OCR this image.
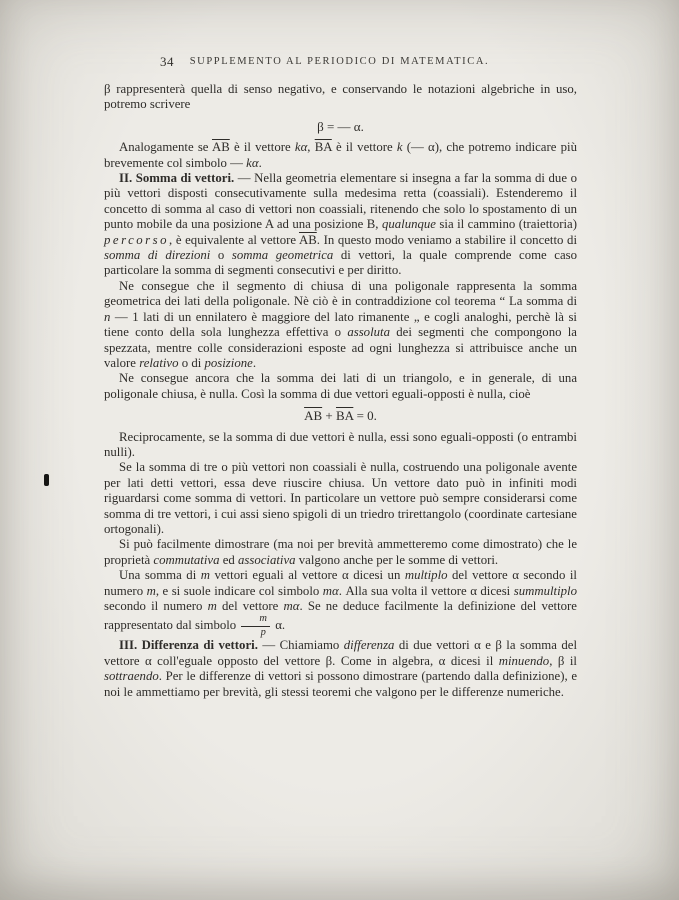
34 SUPPLEMENTO AL PERIODICO DI MATEMATICA.

β rappresenterà quella di senso negativo, e conservando le notazioni algebriche in uso, potremo scrivere

β = — α.

Analogamente se $\overline{AB}$ è il vettore kα, $\overline{BA}$ è il vettore k (— α), che potremo indicare più brevemente col simbolo — kα.

II. Somma di vettori. — Nella geometria elementare si insegna a far la somma di due o più vettori disposti consecutivamente sulla medesima retta (coassiali). Estenderemo il concetto di somma al caso di vettori non coassiali, ritenendo che solo lo spostamento di un punto mobile da una posizione A ad una posizione B, qualunque sia il cammino (traiettoria) percorso, è equivalente al vettore $\overline{AB}$. In questo modo veniamo a stabilire il concetto di somma di direzioni o somma geometrica di vettori, la quale comprende come caso particolare la somma di segmenti consecutivi e per diritto.

Ne consegue che il segmento di chiusa di una poligonale rappresenta la somma geometrica dei lati della poligonale. Nè ciò è in contraddizione col teorema “ La somma di n — 1 lati di un ennilatero è maggiore del lato rimanente „ e cogli analoghi, perchè là si tiene conto della sola lunghezza effettiva o assoluta dei segmenti che compongono la spezzata, mentre colle considerazioni esposte ad ogni lunghezza si attribuisce anche un valore relativo o di posizione.

Ne consegue ancora che la somma dei lati di un triangolo, e in generale, di una poligonale chiusa, è nulla. Così la somma di due vettori eguali-opposti è nulla, cioè

$\overline{AB} + \overline{BA} = 0$.

Reciprocamente, se la somma di due vettori è nulla, essi sono eguali-opposti (o entrambi nulli).

Se la somma di tre o più vettori non coassiali è nulla, costruendo una poligonale avente per lati detti vettori, essa deve riuscire chiusa. Un vettore dato può in infiniti modi riguardarsi come somma di vettori. In particolare un vettore può sempre considerarsi come somma di tre vettori, i cui assi sieno spigoli di un triedro trirettangolo (coordinate cartesiane ortogonali).

Si può facilmente dimostrare (ma noi per brevità ammetteremo come dimostrato) che le proprietà commutativa ed associativa valgono anche per le somme di vettori.

Una somma di m vettori eguali al vettore α dicesi un multiplo del vettore α secondo il numero m, e si suole indicare col simbolo mα. Alla sua volta il vettore α dicesi summultiplo secondo il numero m del vettore mα. Se ne deduce facilmente la definizione del vettore rappresentato dal simbolo $\frac{m}{p} \alpha$.

III. Differenza di vettori. — Chiamiamo differenza di due vettori α e β la somma del vettore α coll'eguale opposto del vettore β. Come in algebra, α dicesi il minuendo, β il sottraendo. Per le differenze di vettori si possono dimostrare (partendo dalla definizione), e noi le ammettiamo per brevità, gli stessi teoremi che valgono per le differenze numeriche.
